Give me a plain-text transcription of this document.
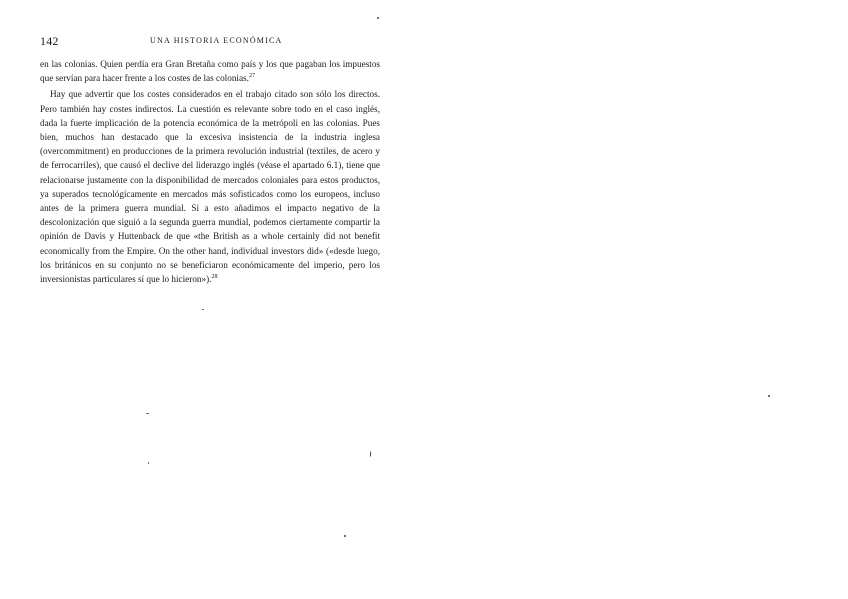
142	UNA HISTORIA ECONÓMICA

en las colonias. Quien perdía era Gran Bretaña como país y los que pagaban los impuestos que servían para hacer frente a los costes de las colonias.$^{27}$

Hay que advertir que los costes considerados en el trabajo citado son sólo los directos. Pero también hay costes indirectos. La cuestión es relevante sobre todo en el caso inglés, dada la fuerte implicación de la potencia económica de la metrópoli en las colonias. Pues bien, muchos han destacado que la excesiva insistencia de la industria inglesa (overcommitment) en producciones de la primera revolución industrial (textiles, de acero y de ferrocarriles), que causó el declive del liderazgo inglés (véase el apartado 6.1), tiene que relacionarse justamente con la disponibilidad de mercados coloniales para estos productos, ya superados tecnológicamente en mercados más sofisticados como los europeos, incluso antes de la primera guerra mundial. Si a esto añadimos el impacto negativo de la descolonización que siguió a la segunda guerra mundial, podemos ciertamente compartir la opinión de Davis y Huttenback de que «the British as a whole certainly did not benefit economically from the Empire. On the other hand, individual investors did» («desde luego, los británicos en su conjunto no se beneficiaron económicamente del imperio, pero los inversionistas particulares sí que lo hicieron»).$^{28}$
